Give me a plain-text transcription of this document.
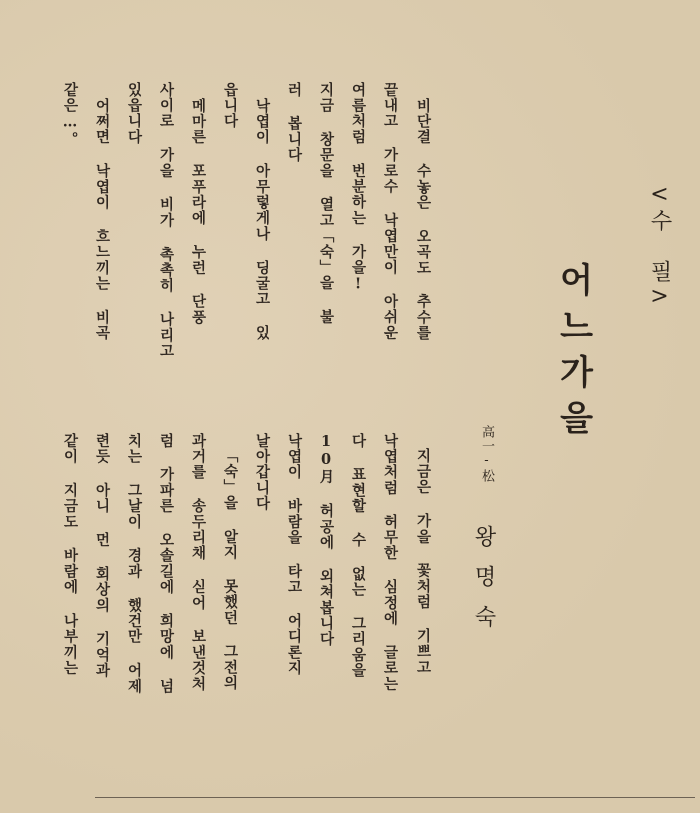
<수 필>
어느가을
高一-松
왕명숙
비단결 수놓은 오곡도 추수를
끝내고 가로수 낙엽만이 아쉬운
여름처럼 번분하는 가을!
지금 창문을 열고「숙」을 불
러 봅니다
낙엽이 아무렇게나 딩굴고 있
읍니다
메마른 포푸라에 누런 단풍
사이로 가을 비가 촉촉히 나리고
있읍니다
어쩌면 낙엽이 흐느끼는 비곡
같은…。
지금은 가을 꽃처럼 기쁘고
낙엽처럼 허무한 심정에 글로는
다 표현할 수 없는 그리움을
10月 허공에 외쳐봅니다
낙엽이 바람을 타고 어디론지
날아갑니다
「숙」을 알지 못했던 그전의
과거를 송두리채 싣어 보낸것처
럼 가파른 오솔길에 희망에 넘
치는 그날이 경과 했건만 어제
련듯 아니 먼 회상의 기억과
같이 지금도 바람에 나부끼는
